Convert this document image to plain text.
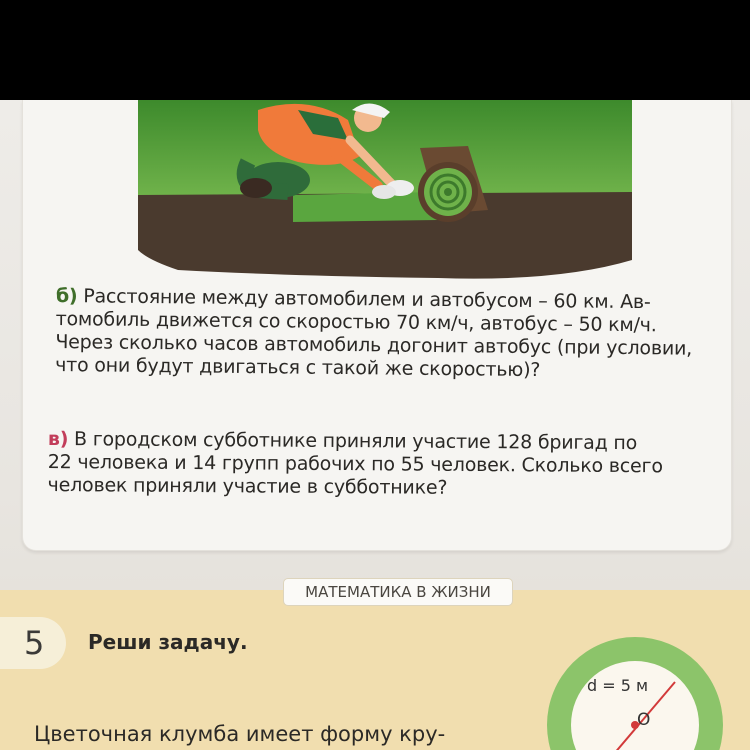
б) Расстояние между автомобилем и автобусом – 60 км. Ав-
томобиль движется со скоростью 70 км/ч, автобус – 50 км/ч.
Через сколько часов автомобиль догонит автобус (при условии,
что они будут двигаться с такой же скоростью)?

в) В городском субботнике приняли участие 128 бригад по
22 человека и 14 групп рабочих по 55 человек. Сколько всего
человек приняли участие в субботнике?

МАТЕМАТИКА В ЖИЗНИ
5 Реши задачу.
Цветочная клумба имеет форму кру-
d = 5 м
O
